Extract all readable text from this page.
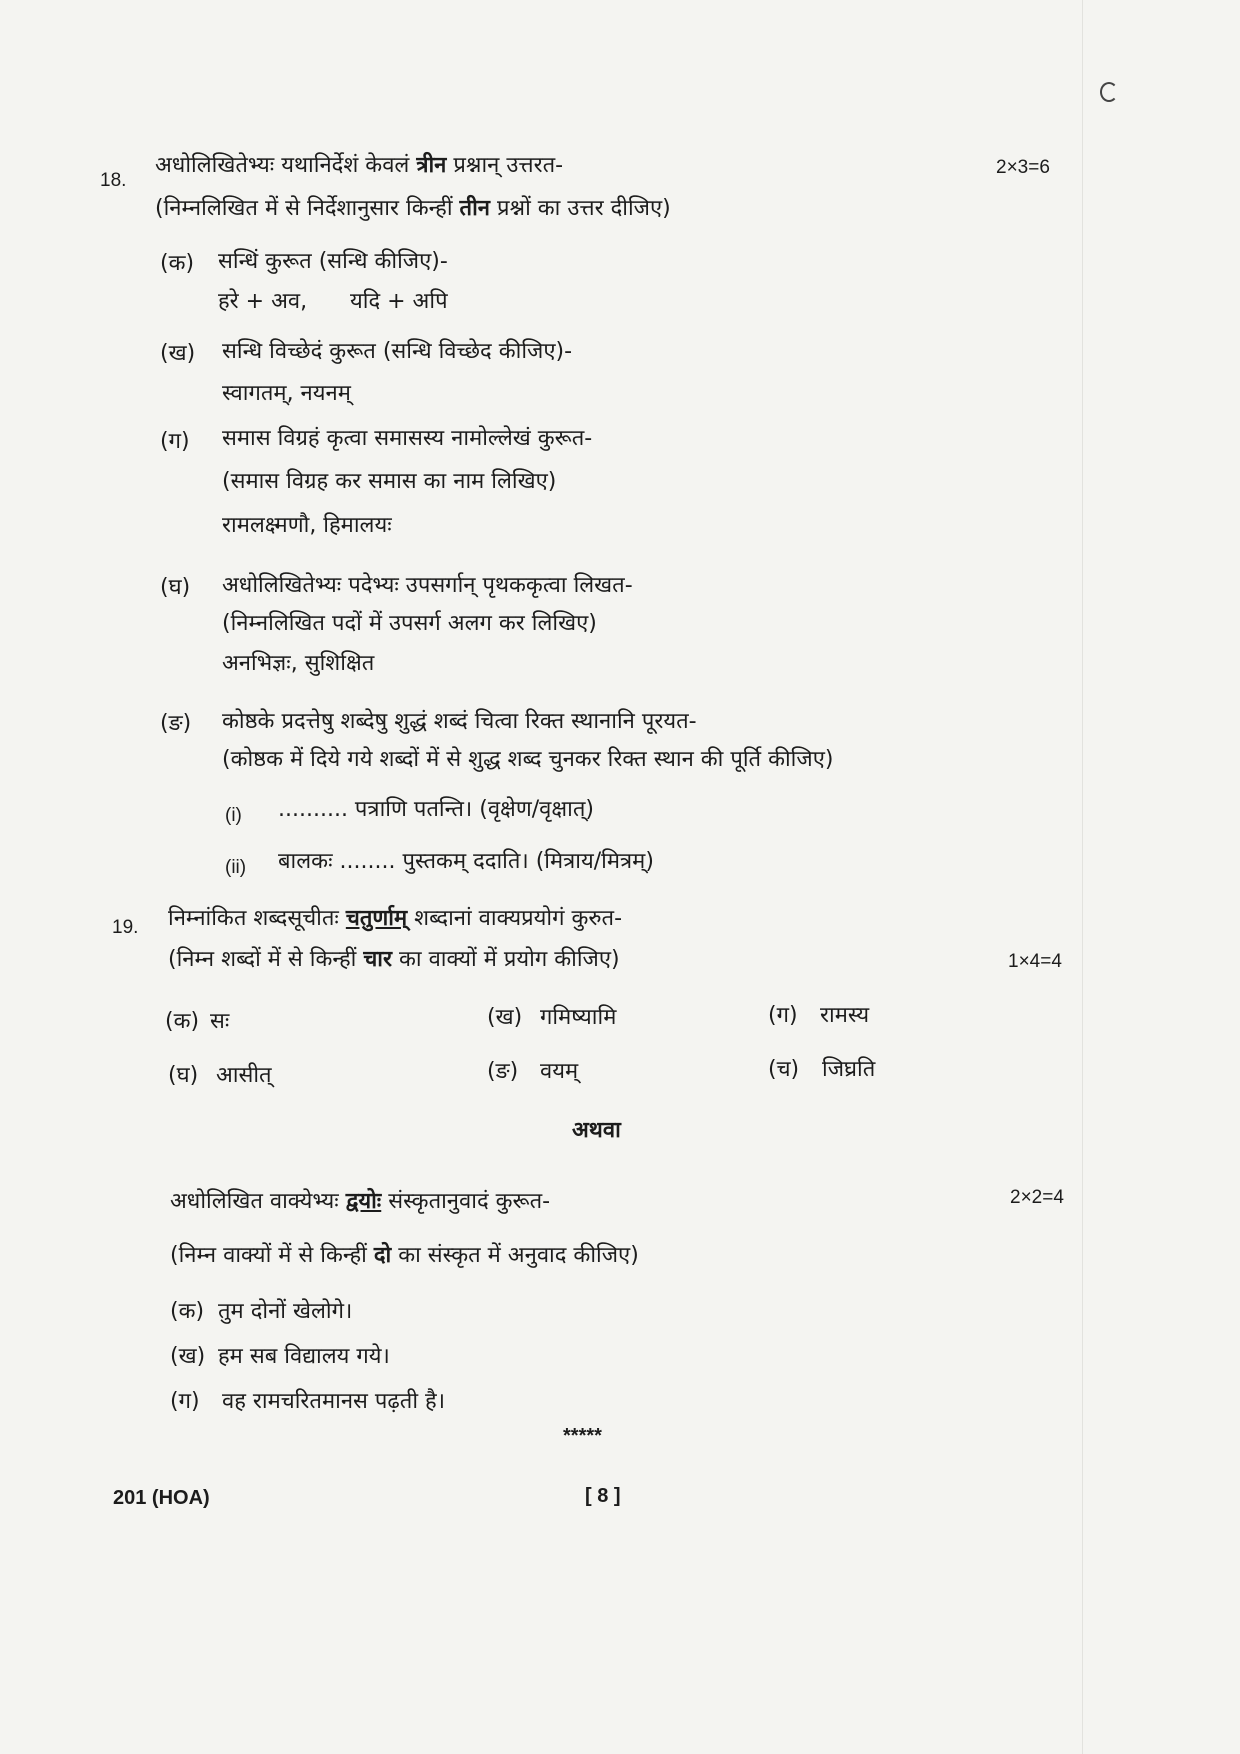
18.
अधोलिखितेभ्यः यथानिर्देशं केवलं त्रीन प्रश्नान् उत्तरत-	2×3=6
(निम्नलिखित में से निर्देशानुसार किन्हीं तीन प्रश्नों का उत्तर दीजिए)
(क) सन्धिं कुरूत (सन्धि कीजिए)-
हरे + अव, यदि + अपि
(ख) सन्धि विच्छेदं कुरूत (सन्धि विच्छेद कीजिए)-
स्वागतम्, नयनम्
(ग) समास विग्रहं कृत्वा समासस्य नामोल्लेखं कुरूत-
(समास विग्रह कर समास का नाम लिखिए)
रामलक्ष्मणौ, हिमालयः
(घ) अधोलिखितेभ्यः पदेभ्यः उपसर्गान् पृथककृत्वा लिखत-
(निम्नलिखित पदों में उपसर्ग अलग कर लिखिए)
अनभिज्ञः, सुशिक्षित
(ङ) कोष्ठके प्रदत्तेषु शब्देषु शुद्धं शब्दं चित्वा रिक्त स्थानानि पूरयत-
(कोष्ठक में दिये गये शब्दों में से शुद्ध शब्द चुनकर रिक्त स्थान की पूर्ति कीजिए)
(i) .......... पत्राणि पतन्ति। (वृक्षेण/वृक्षात्)
(ii) बालकः ........ पुस्तकम् ददाति। (मित्राय/मित्रम्)
19. निम्नांकित शब्दसूचीतः चतुर्णाम् शब्दानां वाक्यप्रयोगं कुरुत-
(निम्न शब्दों में से किन्हीं चार का वाक्यों में प्रयोग कीजिए)	1×4=4
(क) सः	(ख) गमिष्यामि	(ग) रामस्य
(घ) आसीत्	(ङ) वयम्	(च) जिघ्रति
अथवा
अधोलिखित वाक्येभ्यः द्वयोः संस्कृतानुवादं कुरूत-	2×2=4
(निम्न वाक्यों में से किन्हीं दो का संस्कृत में अनुवाद कीजिए)
(क) तुम दोनों खेलोगे।
(ख) हम सब विद्यालय गये।
(ग) वह रामचरितमानस पढ़ती है।
*****
201 (HOA)	[ 8 ]
